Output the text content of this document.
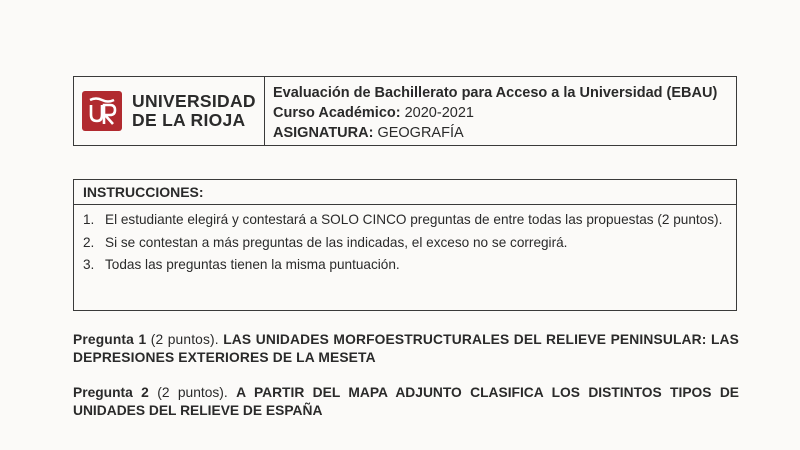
UNIVERSIDAD
DE LA RIOJA
Evaluación de Bachillerato para Acceso a la Universidad (EBAU)
Curso Académico: 2020-2021
ASIGNATURA: GEOGRAFÍA
INSTRUCCIONES:
1. El estudiante elegirá y contestará a SOLO CINCO preguntas de entre todas las propuestas (2 puntos).
2. Si se contestan a más preguntas de las indicadas, el exceso no se corregirá.
3. Todas las preguntas tienen la misma puntuación.
Pregunta 1 (2 puntos). LAS UNIDADES MORFOESTRUCTURALES DEL RELIEVE PENINSULAR: LAS DEPRESIONES EXTERIORES DE LA MESETA
Pregunta 2 (2 puntos). A PARTIR DEL MAPA ADJUNTO CLASIFICA LOS DISTINTOS TIPOS DE UNIDADES DEL RELIEVE DE ESPAÑA
